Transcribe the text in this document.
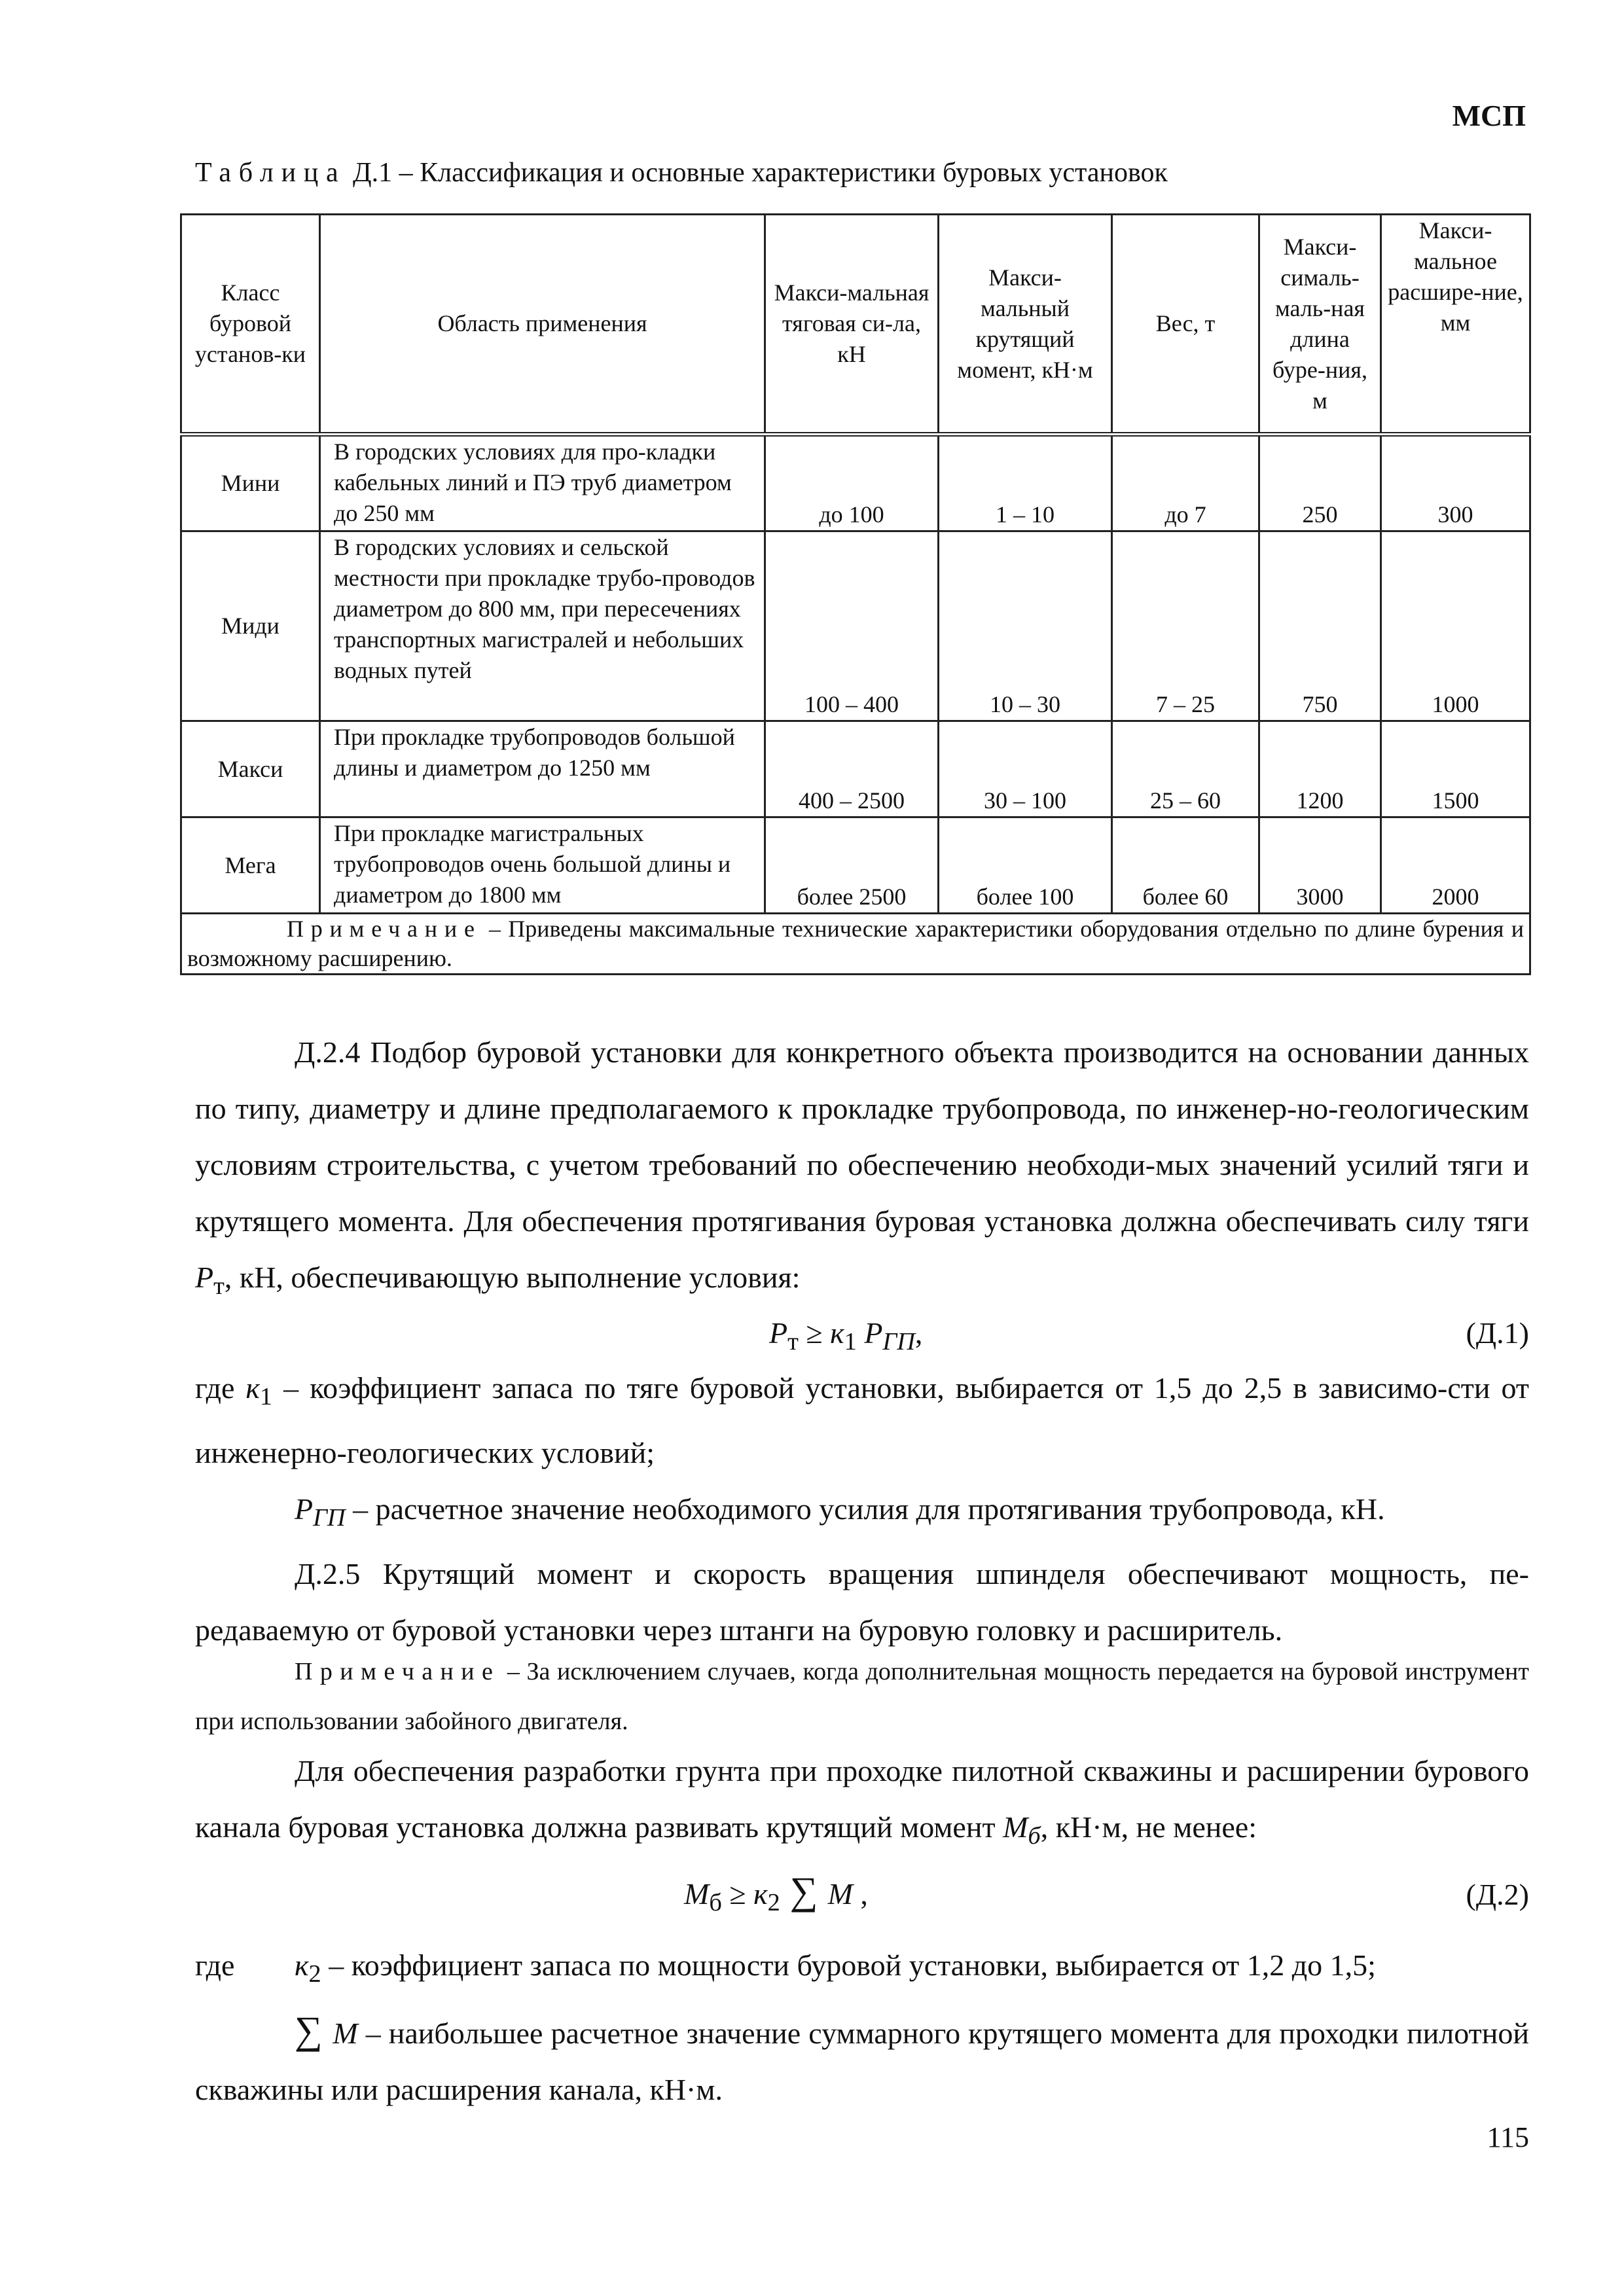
МСП
Таблица Д.1 – Классификация и основные характеристики буровых установок
Класс буровой установ-ки	Область применения	Макси-мальная тяговая си-ла, кН	Макси-мальный крутящий момент, кН·м	Вес, т	Макси-сималь-маль-ная длина буре-ния, м	Макси-мальное расшире-ние, мм
Мини	В городских условиях для про-кладки кабельных линий и ПЭ труб диаметром до 250 мм	до 100	1 – 10	до 7	250	300
Миди	В городских условиях и сельской местности при прокладке трубо-проводов диаметром до 800 мм, при пересечениях транспортных магистралей и небольших водных путей	100 – 400	10 – 30	7 – 25	750	1000
Макси	При прокладке трубопроводов большой длины и диаметром до 1250 мм	400 – 2500	30 – 100	25 – 60	1200	1500
Мега	При прокладке магистральных трубопроводов очень большой длины и диаметром до 1800 мм	более 2500	более 100	более 60	3000	2000
Примечание – Приведены максимальные технические характеристики оборудования отдельно по длине бурения и возможному расширению.						

Д.2.4 Подбор буровой установки для конкретного объекта производится на основании данных по типу, диаметру и длине предполагаемого к прокладке трубопровода, по инженер-но-геологическим условиям строительства, с учетом требований по обеспечению необходи-мых значений усилий тяги и крутящего момента. Для обеспечения протягивания буровая установка должна обеспечивать силу тяги $P_т$, кН, обеспечивающую выполнение условия:

$P_т \ge к_1$ $P_{ГП}$,	(Д.1)

где $к_1$ – коэффициент запаса по тяге буровой установки, выбирается от 1,5 до 2,5 в зависимо-сти от инженерно-геологических условий;

$P_{ГП}$ – расчетное значение необходимого усилия для протягивания трубопровода, кН.

Д.2.5 Крутящий момент и скорость вращения шпинделя обеспечивают мощность, пе-редаваемую от буровой установки через штанги на буровую головку и расширитель.

Примечание – За исключением случаев, когда дополнительная мощность передается на буровой инструмент при использовании забойного двигателя.

Для обеспечения разработки грунта при проходке пилотной скважины и расширении бурового канала буровая установка должна развивать крутящий момент $М_б$, кН·м, не менее:

$М_б \ge к_2$ ∑ М ,	(Д.2)

где $к_2$ – коэффициент запаса по мощности буровой установки, выбирается от 1,2 до 1,5;

∑ М – наибольшее расчетное значение суммарного крутящего момента для проходки пилотной скважины или расширения канала, кН·м.

115
